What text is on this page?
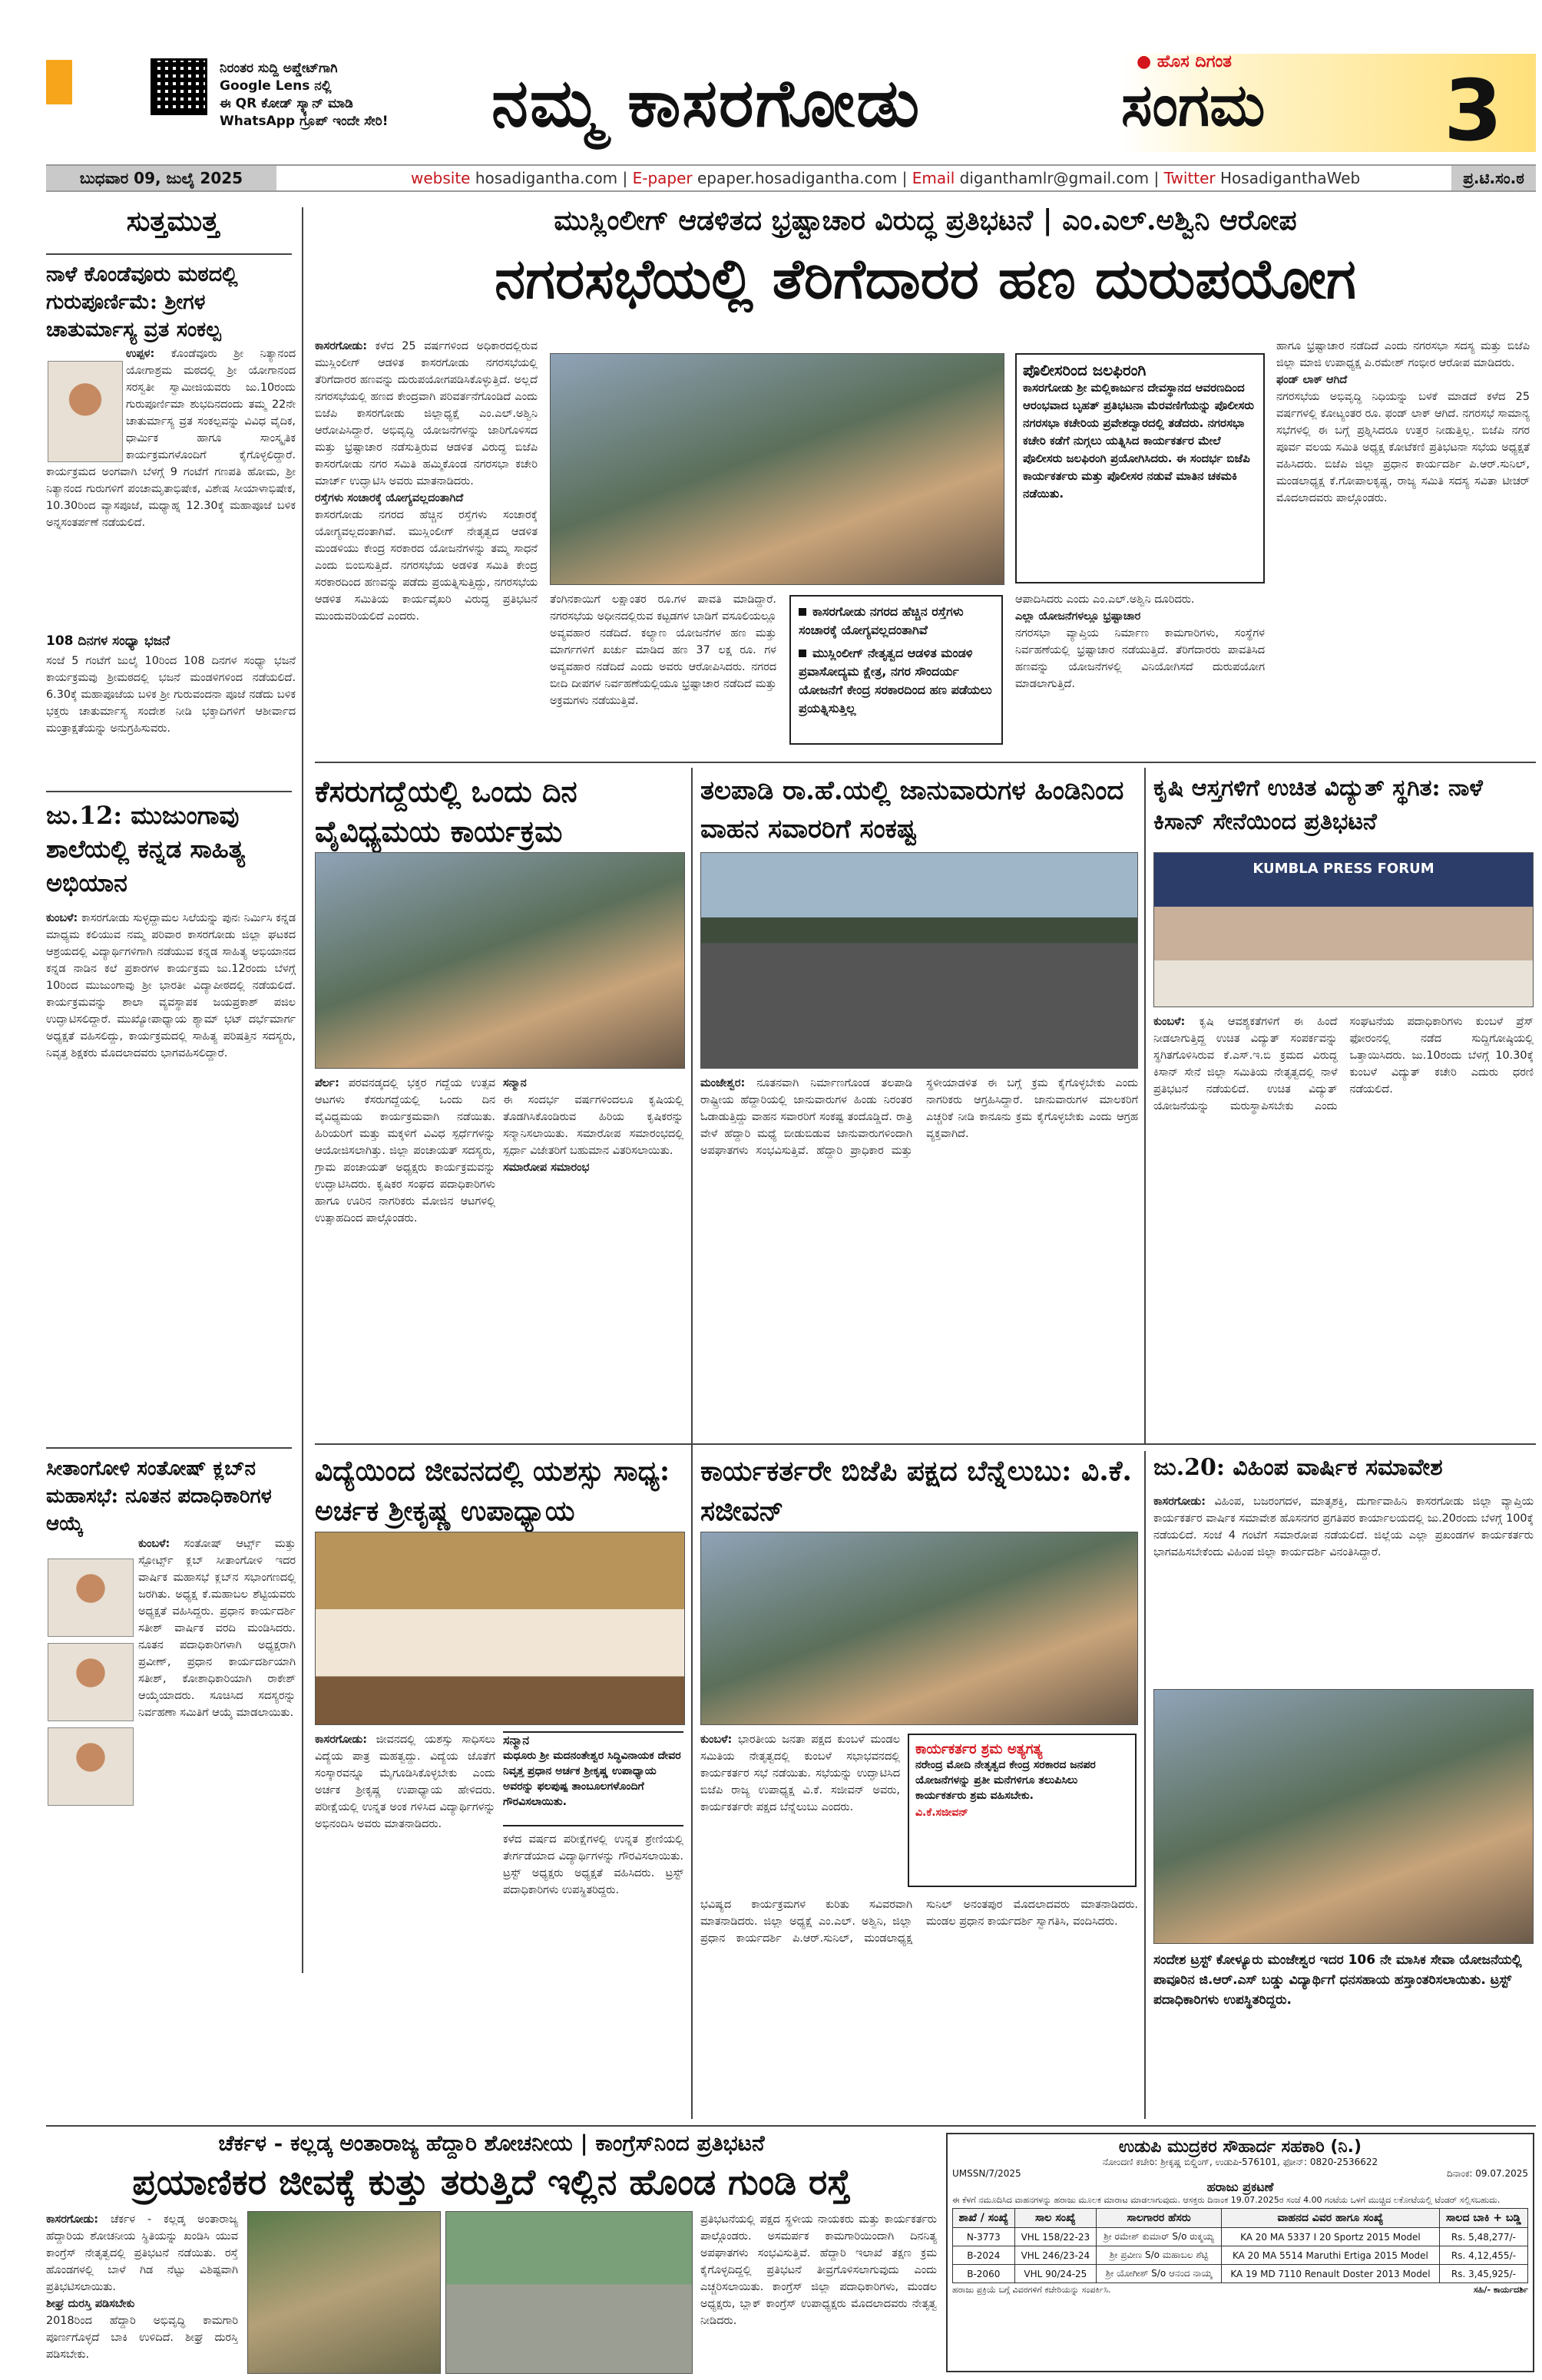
ನಿರಂತರ ಸುದ್ದಿ ಅಪ್ಡೇಟ್‌ಗಾಗಿ
Google Lens ನಲ್ಲಿ
ಈ QR ಕೋಡ್ ಸ್ಕ್ಯಾನ್ ಮಾಡಿ
WhatsApp ಗ್ರೂಪ್ ಇಂದೇ ಸೇರಿ!	ನಮ್ಮ ಕಾಸರಗೋಡು
● ಹೊಸ ದಿಗಂತ
ಸಂಗಮ 3
ಬುಧವಾರ 09, ಜುಲೈ 2025	website hosadigantha.com | E-paper epaper.hosadigantha.com | Email diganthamlr@gmail.com | Twitter HosadiganthaWeb	ಪ್ರ.ಟಿ.ಸಂ.ಠ
ಸುತ್ತಮುತ್ತ
ನಾಳೆ ಕೊಂಡೆವೂರು ಮಠದಲ್ಲಿ ಗುರುಪೂರ್ಣಿಮೆ: ಶ್ರೀಗಳ ಚಾತುರ್ಮಾಸ್ಯ ವ್ರತ ಸಂಕಲ್ಪ
ಉಪ್ಪಳ: ಕೊಂಡೆವೂರು ಶ್ರೀ ನಿತ್ಯಾನಂದ ಯೋಗಾಶ್ರಮ ಮಠದಲ್ಲಿ ಶ್ರೀ ಯೋಗಾನಂದ ಸರಸ್ವತೀ ಸ್ವಾಮೀಜಿಯವರು ಜು.10ರಂದು ಗುರುಪೂರ್ಣಿಮಾ ಶುಭದಿನದಂದು ತಮ್ಮ 22ನೇ ಚಾತುರ್ಮಾಸ್ಯ ವ್ರತ ಸಂಕಲ್ಪವನ್ನು ವಿವಿಧ ವೈದಿಕ, ಧಾರ್ಮಿಕ ಹಾಗೂ ಸಾಂಸ್ಕೃತಿಕ ಕಾರ್ಯಕ್ರಮಗಳೊಂದಿಗೆ ಕೈಗೊಳ್ಳಲಿದ್ದಾರೆ. ಕಾರ್ಯಕ್ರಮದ ಅಂಗವಾಗಿ ಬೆಳಗ್ಗೆ 9 ಗಂಟೆಗೆ ಗಣಪತಿ ಹೋಮ, ಶ್ರೀ ನಿತ್ಯಾನಂದ ಗುರುಗಳಿಗೆ ಪಂಚಾಮೃತಾಭಿಷೇಕ, ವಿಶೇಷ ಸೀಯಾಳಾಭಿಷೇಕ, 10.30ರಿಂದ ವ್ಯಾಸಪೂಜೆ, ಮಧ್ಯಾಹ್ನ 12.30ಕ್ಕೆ ಮಹಾಪೂಜೆ ಬಳಿಕ ಅನ್ನಸಂತರ್ಪಣೆ ನಡೆಯಲಿದೆ.
108 ದಿನಗಳ ಸಂಧ್ಯಾ ಭಜನೆ
ಸಂಜೆ 5 ಗಂಟೆಗೆ ಜುಲೈ 10ರಿಂದ 108 ದಿನಗಳ ಸಂಧ್ಯಾ ಭಜನೆ ಕಾರ್ಯಕ್ರಮವು ಶ್ರೀಮಠದಲ್ಲಿ ಭಜನೆ ಮಂಡಳಿಗಳಿಂದ ನಡೆಯಲಿದೆ. 6.30ಕ್ಕೆ ಮಹಾಪೂಜೆಯ ಬಳಿಕ ಶ್ರೀ ಗುರುವಂದನಾ ಪೂಜೆ ನಡೆದು ಬಳಿಕ ಭಕ್ತರು ಚಾತುರ್ಮಾಸ್ಯ ಸಂದೇಶ ನೀಡಿ ಭಕ್ತಾದಿಗಳಿಗೆ ಆಶೀರ್ವಾದ ಮಂತ್ರಾಕ್ಷತೆಯನ್ನು ಅನುಗ್ರಹಿಸುವರು.
ಜು.12: ಮುಜುಂಗಾವು ಶಾಲೆಯಲ್ಲಿ ಕನ್ನಡ ಸಾಹಿತ್ಯ ಅಭಿಯಾನ
ಕುಂಬಳೆ: ಕಾಸರಗೋಡು ಸುಳ್ಳದ್ದಾಮಲ ಸಿಲೆಯನ್ನು ಪುನಃ ನಿರ್ಮಿಸಿ ಕನ್ನಡ ಮಾಧ್ಯಮ ಕಲಿಯುವ ನಮ್ಮ ಪರಿವಾರ ಕಾಸರಗೋಡು ಜಿಲ್ಲಾ ಘಟಕದ ಆಶ್ರಯದಲ್ಲಿ ವಿದ್ಯಾರ್ಥಿಗಳಿಗಾಗಿ ನಡೆಯುವ ಕನ್ನಡ ಸಾಹಿತ್ಯ ಅಭಿಯಾನದ ಕನ್ನಡ ನಾಡಿನ ಕಲೆ ಪ್ರಕಾರಗಳ ಕಾರ್ಯಕ್ರಮ ಜು.12ರಂದು ಬೆಳಗ್ಗೆ 10ರಿಂದ ಮುಜುಂಗಾವು ಶ್ರೀ ಭಾರತೀ ವಿದ್ಯಾಪೀಠದಲ್ಲಿ ನಡೆಯಲಿದೆ. ಕಾರ್ಯಕ್ರಮವನ್ನು ಶಾಲಾ ವ್ಯವಸ್ಥಾಪಕ ಜಯಪ್ರಕಾಶ್ ಪಜಿಲ ಉದ್ಘಾಟಿಸಲಿದ್ದಾರೆ. ಮುಖ್ಯೋಪಾಧ್ಯಾಯ ಶ್ಯಾಮ್ ಭಟ್ ದರ್ಭೆಮಾರ್ಗ ಅಧ್ಯಕ್ಷತೆ ವಹಿಸಲಿದ್ದು, ಕಾರ್ಯಕ್ರಮದಲ್ಲಿ ಸಾಹಿತ್ಯ ಪರಿಷತ್ತಿನ ಸದಸ್ಯರು, ನಿವೃತ್ತ ಶಿಕ್ಷಕರು ಮೊದಲಾದವರು ಭಾಗವಹಿಸಲಿದ್ದಾರೆ.
ಸೀತಾಂಗೋಳಿ ಸಂತೋಷ್ ಕ್ಲಬ್‌ನ ಮಹಾಸಭೆ: ನೂತನ ಪದಾಧಿಕಾರಿಗಳ ಆಯ್ಕೆ
ಕುಂಬಳೆ: ಸಂತೋಷ್ ಆರ್ಟ್ಸ್ ಮತ್ತು ಸ್ಪೋರ್ಟ್ಸ್ ಕ್ಲಬ್ ಸೀತಾಂಗೋಳಿ ಇದರ ವಾರ್ಷಿಕ ಮಹಾಸಭೆ ಕ್ಲಬ್‌ನ ಸಭಾಂಗಣದಲ್ಲಿ ಜರಗಿತು. ಅಧ್ಯಕ್ಷ ಕೆ.ಮಹಾಬಲ ಶೆಟ್ಟಿಯವರು ಅಧ್ಯಕ್ಷತೆ ವಹಿಸಿದ್ದರು. ಪ್ರಧಾನ ಕಾರ್ಯದರ್ಶಿ ಸತೀಶ್ ವಾರ್ಷಿಕ ವರದಿ ಮಂಡಿಸಿದರು. ನೂತನ ಪದಾಧಿಕಾರಿಗಳಾಗಿ ಅಧ್ಯಕ್ಷರಾಗಿ ಪ್ರವೀಣ್, ಪ್ರಧಾನ ಕಾರ್ಯದರ್ಶಿಯಾಗಿ ಸತೀಶ್, ಕೋಶಾಧಿಕಾರಿಯಾಗಿ ರಾಕೇಶ್ ಆಯ್ಕೆಯಾದರು. ಸೂಚಿಸಿದ ಸದಸ್ಯರನ್ನು ನಿರ್ವಹಣಾ ಸಮಿತಿಗೆ ಆಯ್ಕೆ ಮಾಡಲಾಯಿತು.
ಮುಸ್ಲಿಂಲೀಗ್ ಆಡಳಿತದ ಭ್ರಷ್ಟಾಚಾರ ವಿರುದ್ಧ ಪ್ರತಿಭಟನೆ | ಎಂ.ಎಲ್.ಅಶ್ವಿನಿ ಆರೋಪ
ನಗರಸಭೆಯಲ್ಲಿ ತೆರಿಗೆದಾರರ ಹಣ ದುರುಪಯೋಗ
ಕಾಸರಗೋಡು: ಕಳೆದ 25 ವರ್ಷಗಳಿಂದ ಅಧಿಕಾರದಲ್ಲಿರುವ ಮುಸ್ಲಿಂಲೀಗ್ ಆಡಳಿತ ಕಾಸರಗೋಡು ನಗರಸಭೆಯಲ್ಲಿ ತೆರಿಗೆದಾರರ ಹಣವನ್ನು ದುರುಪಯೋಗಪಡಿಸಿಕೊಳ್ಳುತ್ತಿದೆ. ಅಲ್ಲದೆ ನಗರಸಭೆಯಲ್ಲಿ ಹಣದ ಕೇಂದ್ರವಾಗಿ ಪರಿವರ್ತನೆಗೊಂಡಿದೆ ಎಂದು ಬಿಜೆಪಿ ಕಾಸರಗೋಡು ಜಿಲ್ಲಾಧ್ಯಕ್ಷೆ ಎಂ.ಎಲ್.ಅಶ್ವಿನಿ ಆರೋಪಿಸಿದ್ದಾರೆ. ಅಭಿವೃದ್ಧಿ ಯೋಜನೆಗಳನ್ನು ಜಾರಿಗೊಳಿಸದ ಮತ್ತು ಭ್ರಷ್ಟಾಚಾರ ನಡೆಸುತ್ತಿರುವ ಆಡಳಿತ ವಿರುದ್ಧ ಬಿಜೆಪಿ ಕಾಸರಗೋಡು ನಗರ ಸಮಿತಿ ಹಮ್ಮಿಕೊಂಡ ನಗರಸಭಾ ಕಚೇರಿ ಮಾರ್ಚ್ ಉದ್ಘಾಟಿಸಿ ಅವರು ಮಾತನಾಡಿದರು.
ರಸ್ತೆಗಳು ಸಂಚಾರಕ್ಕೆ ಯೋಗ್ಯವಲ್ಲದಂತಾಗಿದೆ
ಕಾಸರಗೋಡು ನಗರದ ಹೆಚ್ಚಿನ ರಸ್ತೆಗಳು ಸಂಚಾರಕ್ಕೆ ಯೋಗ್ಯವಲ್ಲದಂತಾಗಿವೆ. ಮುಸ್ಲಿಂಲೀಗ್ ನೇತೃತ್ವದ ಆಡಳಿತ ಮಂಡಳಿಯು ಕೇಂದ್ರ ಸರಕಾರದ ಯೋಜನೆಗಳನ್ನು ತಮ್ಮ ಸಾಧನೆ ಎಂದು ಬಿಂಬಿಸುತ್ತಿದೆ. ನಗರಸಭೆಯ ಅಡಳಿತ ಸಮಿತಿ ಕೇಂದ್ರ ಸರಕಾರದಿಂದ ಹಣವನ್ನು ಪಡೆದು ಪ್ರಯತ್ನಿಸುತ್ತಿದ್ದು, ನಗರಸಭೆಯ ಆಡಳಿತ ಸಮಿತಿಯ ಕಾರ್ಯವೈಖರಿ ವಿರುದ್ಧ ಪ್ರತಿಭಟನೆ ಮುಂದುವರಿಯಲಿದೆ ಎಂದರು.
ತೆಂಗಿನಕಾಯಿಗೆ ಲಕ್ಷಾಂತರ ರೂ.ಗಳ ಪಾವತಿ ಮಾಡಿದ್ದಾರೆ. ನಗರಸಭೆಯ ಅಧೀನದಲ್ಲಿರುವ ಕಟ್ಟಡಗಳ ಬಾಡಿಗೆ ವಸೂಲಿಯಲ್ಲೂ ಅವ್ಯವಹಾರ ನಡೆದಿದೆ. ಕಲ್ಯಾಣ ಯೋಜನೆಗಳ ಹಣ ಮತ್ತು ಮಾರ್ಗಗಳಿಗೆ ಖರ್ಚು ಮಾಡಿದ ಹಣ 37 ಲಕ್ಷ ರೂ. ಗಳ ಅವ್ಯವಹಾರ ನಡೆದಿದೆ ಎಂದು ಅವರು ಆರೋಪಿಸಿದರು. ನಗರದ ಬೀದಿ ದೀಪಗಳ ನಿರ್ವಹಣೆಯಲ್ಲಿಯೂ ಭ್ರಷ್ಟಾಚಾರ ನಡೆದಿದೆ ಮತ್ತು ಅಕ್ರಮಗಳು ನಡೆಯುತ್ತಿವೆ.
ಕಾಸರಗೋಡು ನಗರದ ಹೆಚ್ಚಿನ ರಸ್ತೆಗಳು ಸಂಚಾರಕ್ಕೆ ಯೋಗ್ಯವಲ್ಲದಂತಾಗಿವೆ
ಮುಸ್ಲಿಂಲೀಗ್ ನೇತೃತ್ವದ ಆಡಳಿತ ಮಂಡಳಿ ಪ್ರವಾಸೋದ್ಯಮ ಕ್ಷೇತ್ರ, ನಗರ ಸೌಂದರ್ಯ ಯೋಜನೆಗೆ ಕೇಂದ್ರ ಸರಕಾರದಿಂದ ಹಣ ಪಡೆಯಲು ಪ್ರಯತ್ನಿಸುತ್ತಿಲ್ಲ
ಪೊಲೀಸರಿಂದ ಜಲಫಿರಂಗಿ
ಕಾಸರಗೋಡು ಶ್ರೀ ಮಲ್ಲಿಕಾರ್ಜುನ ದೇವಸ್ಥಾನದ ಆವರಣದಿಂದ ಆರಂಭವಾದ ಬೃಹತ್ ಪ್ರತಿಭಟನಾ ಮೆರವಣಿಗೆಯನ್ನು ಪೊಲೀಸರು ನಗರಸಭಾ ಕಚೇರಿಯ ಪ್ರವೇಶದ್ವಾರದಲ್ಲಿ ತಡೆದರು. ನಗರಸಭಾ ಕಚೇರಿ ಕಡೆಗೆ ನುಗ್ಗಲು ಯತ್ನಿಸಿದ ಕಾರ್ಯಕರ್ತರ ಮೇಲೆ ಪೊಲೀಸರು ಜಲಫಿರಂಗಿ ಪ್ರಯೋಗಿಸಿದರು. ಈ ಸಂದರ್ಭ ಬಿಜೆಪಿ ಕಾರ್ಯಕರ್ತರು ಮತ್ತು ಪೊಲೀಸರ ನಡುವೆ ಮಾತಿನ ಚಕಮಕಿ ನಡೆಯಿತು.
ಆಪಾದಿಸಿದರು ಎಂದು ಎಂ.ಎಲ್.ಅಶ್ವಿನಿ ದೂರಿದರು.
ಎಲ್ಲಾ ಯೋಜನೆಗಳಲ್ಲೂ ಭ್ರಷ್ಟಾಚಾರ
ನಗರಸಭಾ ವ್ಯಾಪ್ತಿಯ ನಿರ್ಮಾಣ ಕಾಮಗಾರಿಗಳು, ಸಂಸ್ಥೆಗಳ ನಿರ್ವಹಣೆಯಲ್ಲಿ ಭ್ರಷ್ಟಾಚಾರ ನಡೆಯುತ್ತಿದೆ. ತೆರಿಗೆದಾರರು ಪಾವತಿಸಿದ ಹಣವನ್ನು ಯೋಜನೆಗಳಲ್ಲಿ ವಿನಿಯೋಗಿಸದೆ ದುರುಪಯೋಗ ಮಾಡಲಾಗುತ್ತಿದೆ.
ಹಾಗೂ ಭ್ರಷ್ಟಾಚಾರ ನಡೆದಿದೆ ಎಂದು ನಗರಸಭಾ ಸದಸ್ಯ ಮತ್ತು ಬಿಜೆಪಿ ಜಿಲ್ಲಾ ಮಾಜಿ ಉಪಾಧ್ಯಕ್ಷ ಪಿ.ರಮೇಶ್ ಗಂಭೀರ ಆರೋಪ ಮಾಡಿದರು.
ಫಂಡ್ ಲಾಕ್ ಆಗಿದೆ
ನಗರಸಭೆಯ ಅಭಿವೃದ್ಧಿ ನಿಧಿಯನ್ನು ಬಳಕೆ ಮಾಡದೆ ಕಳೆದ 25 ವರ್ಷಗಳಲ್ಲಿ ಕೋಟ್ಯಂತರ ರೂ. ಫಂಡ್ ಲಾಕ್ ಆಗಿದೆ. ನಗರಸಭೆ ಸಾಮಾನ್ಯ ಸಭೆಗಳಲ್ಲಿ ಈ ಬಗ್ಗೆ ಪ್ರಶ್ನಿಸಿದರೂ ಉತ್ತರ ನೀಡುತ್ತಿಲ್ಲ. ಬಿಜೆಪಿ ನಗರ ಪೂರ್ವ ವಲಯ ಸಮಿತಿ ಅಧ್ಯಕ್ಷ ಕೋಟೆಕಣಿ ಪ್ರತಿಭಟನಾ ಸಭೆಯ ಅಧ್ಯಕ್ಷತೆ ವಹಿಸಿದರು. ಬಿಜೆಪಿ ಜಿಲ್ಲಾ ಪ್ರಧಾನ ಕಾರ್ಯದರ್ಶಿ ಪಿ.ಆರ್.ಸುನಿಲ್, ಮಂಡಲಾಧ್ಯಕ್ಷ ಕೆ.ಗೋಪಾಲಕೃಷ್ಣ, ರಾಜ್ಯ ಸಮಿತಿ ಸದಸ್ಯ ಸವಿತಾ ಟೀಚರ್ ಮೊದಲಾದವರು ಪಾಲ್ಗೊಂಡರು.
ಕೆಸರುಗದ್ದೆಯಲ್ಲಿ ಒಂದು ದಿನ ವೈವಿಧ್ಯಮಯ ಕಾರ್ಯಕ್ರಮ
ಪೆರ್ಲ: ಪರವನಡ್ಕದಲ್ಲಿ ಭಕ್ತರ ಗದ್ದೆಯ ಉತ್ಸವ ಆಟಗಳು ಕೆಸರುಗದ್ದೆಯಲ್ಲಿ ಒಂದು ದಿನ ವೈವಿಧ್ಯಮಯ ಕಾರ್ಯಕ್ರಮವಾಗಿ ನಡೆಯಿತು. ಹಿರಿಯರಿಗೆ ಮತ್ತು ಮಕ್ಕಳಿಗೆ ವಿವಿಧ ಸ್ಪರ್ಧೆಗಳನ್ನು ಆಯೋಜಿಸಲಾಗಿತ್ತು. ಜಿಲ್ಲಾ ಪಂಚಾಯತ್ ಸದಸ್ಯರು, ಗ್ರಾಮ ಪಂಚಾಯತ್ ಅಧ್ಯಕ್ಷರು ಕಾರ್ಯಕ್ರಮವನ್ನು ಉದ್ಘಾಟಿಸಿದರು. ಕೃಷಿಕರ ಸಂಘದ ಪದಾಧಿಕಾರಿಗಳು ಹಾಗೂ ಊರಿನ ನಾಗರಿಕರು ಮೋಜಿನ ಆಟಗಳಲ್ಲಿ ಉತ್ಸಾಹದಿಂದ ಪಾಲ್ಗೊಂಡರು.
ಸನ್ಮಾನ
ಈ ಸಂದರ್ಭ ವರ್ಷಗಳಿಂದಲೂ ಕೃಷಿಯಲ್ಲಿ ತೊಡಗಿಸಿಕೊಂಡಿರುವ ಹಿರಿಯ ಕೃಷಿಕರನ್ನು ಸನ್ಮಾನಿಸಲಾಯಿತು. ಸಮಾರೋಪ ಸಮಾರಂಭದಲ್ಲಿ ಸ್ಪರ್ಧಾ ವಿಜೇತರಿಗೆ ಬಹುಮಾನ ವಿತರಿಸಲಾಯಿತು.
ಸಮಾರೋಪ ಸಮಾರಂಭ
ತಲಪಾಡಿ ರಾ.ಹೆ.ಯಲ್ಲಿ ಜಾನುವಾರುಗಳ ಹಿಂಡಿನಿಂದ ವಾಹನ ಸವಾರರಿಗೆ ಸಂಕಷ್ಟ
ಮಂಜೇಶ್ವರ: ನೂತನವಾಗಿ ನಿರ್ಮಾಣಗೊಂಡ ತಲಪಾಡಿ ರಾಷ್ಟ್ರೀಯ ಹೆದ್ದಾರಿಯಲ್ಲಿ ಜಾನುವಾರುಗಳ ಹಿಂಡು ನಿರಂತರ ಓಡಾಡುತ್ತಿದ್ದು ವಾಹನ ಸವಾರರಿಗೆ ಸಂಕಷ್ಟ ತಂದೊಡ್ಡಿದೆ. ರಾತ್ರಿ ವೇಳೆ ಹೆದ್ದಾರಿ ಮಧ್ಯೆ ಬೀಡುಬಿಡುವ ಜಾನುವಾರುಗಳಿಂದಾಗಿ ಅಪಘಾತಗಳು ಸಂಭವಿಸುತ್ತಿವೆ. ಹೆದ್ದಾರಿ ಪ್ರಾಧಿಕಾರ ಮತ್ತು ಸ್ಥಳೀಯಾಡಳಿತ ಈ ಬಗ್ಗೆ ಕ್ರಮ ಕೈಗೊಳ್ಳಬೇಕು ಎಂದು ನಾಗರಿಕರು ಆಗ್ರಹಿಸಿದ್ದಾರೆ. ಜಾನುವಾರುಗಳ ಮಾಲಕರಿಗೆ ಎಚ್ಚರಿಕೆ ನೀಡಿ ಕಾನೂನು ಕ್ರಮ ಕೈಗೊಳ್ಳಬೇಕು ಎಂದು ಆಗ್ರಹ ವ್ಯಕ್ತವಾಗಿದೆ.
ಕೃಷಿ ಆಸ್ತಗಳಿಗೆ ಉಚಿತ ವಿದ್ಯುತ್ ಸ್ಥಗಿತ: ನಾಳೆ ಕಿಸಾನ್ ಸೇನೆಯಿಂದ ಪ್ರತಿಭಟನೆ
KUMBLA PRESS FORUM
ಕುಂಬಳೆ: ಕೃಷಿ ಆವಶ್ಯಕತೆಗಳಿಗೆ ಈ ಹಿಂದೆ ನೀಡಲಾಗುತ್ತಿದ್ದ ಉಚಿತ ವಿದ್ಯುತ್ ಸಂಪರ್ಕವನ್ನು ಸ್ಥಗಿತಗೊಳಿಸಿರುವ ಕೆ.ಎಸ್.ಇ.ಬಿ ಕ್ರಮದ ವಿರುದ್ಧ ಕಿಸಾನ್ ಸೇನೆ ಜಿಲ್ಲಾ ಸಮಿತಿಯ ನೇತೃತ್ವದಲ್ಲಿ ನಾಳೆ ಪ್ರತಿಭಟನೆ ನಡೆಯಲಿದೆ. ಉಚಿತ ವಿದ್ಯುತ್ ಯೋಜನೆಯನ್ನು ಮರುಸ್ಥಾಪಿಸಬೇಕು ಎಂದು ಸಂಘಟನೆಯ ಪದಾಧಿಕಾರಿಗಳು ಕುಂಬಳೆ ಪ್ರೆಸ್ ಫೋರಂನಲ್ಲಿ ನಡೆದ ಸುದ್ದಿಗೋಷ್ಠಿಯಲ್ಲಿ ಒತ್ತಾಯಿಸಿದರು. ಜು.10ರಂದು ಬೆಳಗ್ಗೆ 10.30ಕ್ಕೆ ಕುಂಬಳೆ ವಿದ್ಯುತ್ ಕಚೇರಿ ಎದುರು ಧರಣಿ ನಡೆಯಲಿದೆ.
ವಿದ್ಯೆಯಿಂದ ಜೀವನದಲ್ಲಿ ಯಶಸ್ಸು ಸಾಧ್ಯ: ಅರ್ಚಕ ಶ್ರೀಕೃಷ್ಣ ಉಪಾಧ್ಯಾಯ
ಕಾಸರಗೋಡು: ಜೀವನದಲ್ಲಿ ಯಶಸ್ಸು ಸಾಧಿಸಲು ವಿದ್ಯೆಯ ಪಾತ್ರ ಮಹತ್ವದ್ದು. ವಿದ್ಯೆಯ ಜೊತೆಗೆ ಸಂಸ್ಕಾರವನ್ನೂ ಮೈಗೂಡಿಸಿಕೊಳ್ಳಬೇಕು ಎಂದು ಅರ್ಚಕ ಶ್ರೀಕೃಷ್ಣ ಉಪಾಧ್ಯಾಯ ಹೇಳಿದರು. ಪರೀಕ್ಷೆಯಲ್ಲಿ ಉನ್ನತ ಅಂಕ ಗಳಿಸಿದ ವಿದ್ಯಾರ್ಥಿಗಳನ್ನು ಅಭಿನಂದಿಸಿ ಅವರು ಮಾತನಾಡಿದರು.
ಸನ್ಮಾನ
ಮಧೂರು ಶ್ರೀ ಮದನಂತೇಶ್ವರ ಸಿದ್ಧಿವಿನಾಯಕ ದೇವರ ನಿವೃತ್ತ ಪ್ರಧಾನ ಅರ್ಚಕ ಶ್ರೀಕೃಷ್ಣ ಉಪಾಧ್ಯಾಯ ಅವರನ್ನು ಫಲಪುಷ್ಪ ತಾಂಬೂಲಗಳೊಂದಿಗೆ ಗೌರವಿಸಲಾಯಿತು.
ಕಳೆದ ವರ್ಷದ ಪರೀಕ್ಷೆಗಳಲ್ಲಿ ಉನ್ನತ ಶ್ರೇಣಿಯಲ್ಲಿ ತೇರ್ಗಡೆಯಾದ ವಿದ್ಯಾರ್ಥಿಗಳನ್ನು ಗೌರವಿಸಲಾಯಿತು. ಟ್ರಸ್ಟ್ ಅಧ್ಯಕ್ಷರು ಅಧ್ಯಕ್ಷತೆ ವಹಿಸಿದರು. ಟ್ರಸ್ಟ್ ಪದಾಧಿಕಾರಿಗಳು ಉಪಸ್ಥಿತರಿದ್ದರು.
ಕಾರ್ಯಕರ್ತರೇ ಬಿಜೆಪಿ ಪಕ್ಷದ ಬೆನ್ನೆಲುಬು: ವಿ.ಕೆ. ಸಜೀವನ್
ಕುಂಬಳೆ: ಭಾರತೀಯ ಜನತಾ ಪಕ್ಷದ ಕುಂಬಳೆ ಮಂಡಲ ಸಮಿತಿಯ ನೇತೃತ್ವದಲ್ಲಿ ಕುಂಬಳೆ ಸಭಾಭವನದಲ್ಲಿ ಕಾರ್ಯಕರ್ತರ ಸಭೆ ನಡೆಯಿತು. ಸಭೆಯನ್ನು ಉದ್ಘಾಟಿಸಿದ ಬಿಜೆಪಿ ರಾಜ್ಯ ಉಪಾಧ್ಯಕ್ಷ ವಿ.ಕೆ. ಸಜೀವನ್ ಅವರು, ಕಾರ್ಯಕರ್ತರೇ ಪಕ್ಷದ ಬೆನ್ನೆಲುಬು ಎಂದರು.
ಕಾರ್ಯಕರ್ತರ ಶ್ರಮ ಅತ್ಯಗತ್ಯ
ನರೇಂದ್ರ ಮೋದಿ ನೇತೃತ್ವದ ಕೇಂದ್ರ ಸರಕಾರದ ಜನಪರ ಯೋಜನೆಗಳನ್ನು ಪ್ರತೀ ಮನೆಗಳಿಗೂ ತಲುಪಿಸಿಲು ಕಾರ್ಯಕರ್ತರು ಶ್ರಮ ವಹಿಸಬೇಕು.
ವಿ.ಕೆ.ಸಜೀವನ್
ಭವಿಷ್ಯದ ಕಾರ್ಯಕ್ರಮಗಳ ಕುರಿತು ಸವಿವರವಾಗಿ ಮಾತನಾಡಿದರು. ಜಿಲ್ಲಾ ಅಧ್ಯಕ್ಷೆ ಎಂ.ಎಲ್. ಅಶ್ವಿನಿ, ಜಿಲ್ಲಾ ಪ್ರಧಾನ ಕಾರ್ಯದರ್ಶಿ ಪಿ.ಆರ್.ಸುನಿಲ್, ಮಂಡಲಾಧ್ಯಕ್ಷ ಸುನಿಲ್ ಅನಂತಪುರ ಮೊದಲಾದವರು ಮಾತನಾಡಿದರು. ಮಂಡಲ ಪ್ರಧಾನ ಕಾರ್ಯದರ್ಶಿ ಸ್ವಾಗತಿಸಿ, ವಂದಿಸಿದರು.
ಜು.20: ವಿಹಿಂಪ ವಾರ್ಷಿಕ ಸಮಾವೇಶ
ಕಾಸರಗೋಡು: ವಿಹಿಂಪ, ಬಜರಂಗದಳ, ಮಾತೃಶಕ್ತಿ, ದುರ್ಗಾವಾಹಿನಿ ಕಾಸರಗೋಡು ಜಿಲ್ಲಾ ವ್ಯಾಪ್ತಿಯ ಕಾರ್ಯಕರ್ತರ ವಾರ್ಷಿಕ ಸಮಾವೇಶ ಹೊಸನಗರ ಪ್ರಗತಿಪರ ಕಾರ್ಯಾಲಯದಲ್ಲಿ ಜು.20ರಂದು ಬೆಳಗ್ಗೆ 100ಕ್ಕೆ ನಡೆಯಲಿದೆ. ಸಂಜೆ 4 ಗಂಟೆಗೆ ಸಮಾರೋಪ ನಡೆಯಲಿದೆ. ಜಿಲ್ಲೆಯ ಎಲ್ಲಾ ಪ್ರಖಂಡಗಳ ಕಾರ್ಯಕರ್ತರು ಭಾಗವಹಿಸಬೇಕೆಂದು ವಿಹಿಂಪ ಜಿಲ್ಲಾ ಕಾರ್ಯದರ್ಶಿ ವಿನಂತಿಸಿದ್ದಾರೆ.
ಸಂದೇಶ ಟ್ರಸ್ಟ್ ಕೋಳ್ಯೂರು ಮಂಜೇಶ್ವರ ಇದರ 106 ನೇ ಮಾಸಿಕ ಸೇವಾ ಯೋಜನೆಯಲ್ಲಿ ಪಾವೂರಿನ ಜಿ.ಆರ್.ಎಸ್ ಬಡ್ಡು ವಿದ್ಯಾರ್ಥಿಗೆ ಧನಸಹಾಯ ಹಸ್ತಾಂತರಿಸಲಾಯಿತು. ಟ್ರಸ್ಟ್ ಪದಾಧಿಕಾರಿಗಳು ಉಪಸ್ಥಿತರಿದ್ದರು.
ಚೆರ್ಕಳ - ಕಲ್ಲಡ್ಕ ಅಂತಾರಾಜ್ಯ ಹೆದ್ದಾರಿ ಶೋಚನೀಯ | ಕಾಂಗ್ರೆಸ್‌ನಿಂದ ಪ್ರತಿಭಟನೆ
ಪ್ರಯಾಣಿಕರ ಜೀವಕ್ಕೆ ಕುತ್ತು ತರುತ್ತಿದೆ ಇಲ್ಲಿನ ಹೊಂಡ ಗುಂಡಿ ರಸ್ತೆ
ಕಾಸರಗೋಡು: ಚೆರ್ಕಳ - ಕಲ್ಲಡ್ಕ ಅಂತಾರಾಜ್ಯ ಹೆದ್ದಾರಿಯ ಶೋಚನೀಯ ಸ್ಥಿತಿಯನ್ನು ಖಂಡಿಸಿ ಯುವ ಕಾಂಗ್ರೆಸ್ ನೇತೃತ್ವದಲ್ಲಿ ಪ್ರತಿಭಟನೆ ನಡೆಯಿತು. ರಸ್ತೆ ಹೊಂಡಗಳಲ್ಲಿ ಬಾಳೆ ಗಿಡ ನೆಟ್ಟು ವಿಶಿಷ್ಟವಾಗಿ ಪ್ರತಿಭಟಿಸಲಾಯಿತು.
ಶೀಘ್ರ ದುರಸ್ತಿ ಪಡಿಸಬೇಕು
2018ರಿಂದ ಹೆದ್ದಾರಿ ಅಭಿವೃದ್ಧಿ ಕಾಮಗಾರಿ ಪೂರ್ಣಗೊಳ್ಳದೆ ಬಾಕಿ ಉಳಿದಿದೆ. ಶೀಘ್ರ ದುರಸ್ತಿ ಪಡಿಸಬೇಕು.
ಪ್ರತಿಭಟನೆಯಲ್ಲಿ ಪಕ್ಷದ ಸ್ಥಳೀಯ ನಾಯಕರು ಮತ್ತು ಕಾರ್ಯಕರ್ತರು ಪಾಲ್ಗೊಂಡರು. ಅಸಮರ್ಪಕ ಕಾಮಗಾರಿಯಿಂದಾಗಿ ದಿನನಿತ್ಯ ಅಪಘಾತಗಳು ಸಂಭವಿಸುತ್ತಿವೆ. ಹೆದ್ದಾರಿ ಇಲಾಖೆ ತಕ್ಷಣ ಕ್ರಮ ಕೈಗೊಳ್ಳದಿದ್ದಲ್ಲಿ ಪ್ರತಿಭಟನೆ ತೀವ್ರಗೊಳಿಸಲಾಗುವುದು ಎಂದು ಎಚ್ಚರಿಸಲಾಯಿತು. ಕಾಂಗ್ರೆಸ್ ಜಿಲ್ಲಾ ಪದಾಧಿಕಾರಿಗಳು, ಮಂಡಲ ಅಧ್ಯಕ್ಷರು, ಬ್ಲಾಕ್ ಕಾಂಗ್ರೆಸ್ ಉಪಾಧ್ಯಕ್ಷರು ಮೊದಲಾದವರು ನೇತೃತ್ವ ನೀಡಿದರು.
ಉಡುಪಿ ಮುದ್ರಕರ ಸೌಹಾರ್ದ ಸಹಕಾರಿ (ನಿ.)
ನೋಂದಣಿ ಕಚೇರಿ: ಶ್ರೀಕೃಷ್ಣ ಬಿಲ್ಡಿಂಗ್, ಉಡುಪಿ-576101, ಫೋನ್: 0820-2536622
UMSSN/7/2025	ದಿನಾಂಕ: 09.07.2025
ಹರಾಜು ಪ್ರಕಟಣೆ
ಈ ಕೆಳಗೆ ನಮೂದಿಸಿದ ವಾಹನಗಳನ್ನು ಹರಾಜು ಮೂಲಕ ಮಾರಾಟ ಮಾಡಲಾಗುವುದು. ಆಸಕ್ತರು ದಿನಾಂಕ 19.07.2025ರ ಸಂಜೆ 4.00 ಗಂಟೆಯ ಒಳಗೆ ಮುಚ್ಚಿದ ಲಕೋಟೆಯಲ್ಲಿ ಟೆಂಡರ್ ಸಲ್ಲಿಸಬಹುದು.
ಶಾಖೆ / ಸಂಖ್ಯೆ	ಸಾಲ ಸಂಖ್ಯೆ	ಸಾಲಗಾರರ ಹೆಸರು	ವಾಹನದ ವಿವರ ಹಾಗೂ ಸಂಖ್ಯೆ	ಸಾಲದ ಬಾಕಿ + ಬಡ್ಡಿ
N-3773	VHL 158/22-23	ಶ್ರೀ ರಮೇಶ್ ಕುಮಾರ್ S/o ರುಕ್ಮಯ್ಯ	KA 20 MA 5337 I 20 Sportz 2015 Model	Rs. 5,48,277/-
B-2024	VHL 246/23-24	ಶ್ರೀ ಪ್ರವೀಣ S/o ಮಹಾಬಲ ಶೆಟ್ಟಿ	KA 20 MA 5514 Maruthi Ertiga 2015 Model	Rs. 4,12,455/-
B-2060	VHL 90/24-25	ಶ್ರೀ ಯೋಗೀಶ್ S/o ಆನಂದ ನಾಯ್ಕ	KA 19 MD 7110 Renault Doster 2013 Model	Rs. 3,45,925/-
ಹರಾಜು ಪ್ರಕ್ರಿಯೆ ಬಗ್ಗೆ ವಿವರಗಳಿಗೆ ಕಚೇರಿಯನ್ನು ಸಂಪರ್ಕಿಸಿ.	ಸಹಿ/- ಕಾರ್ಯದರ್ಶಿ
